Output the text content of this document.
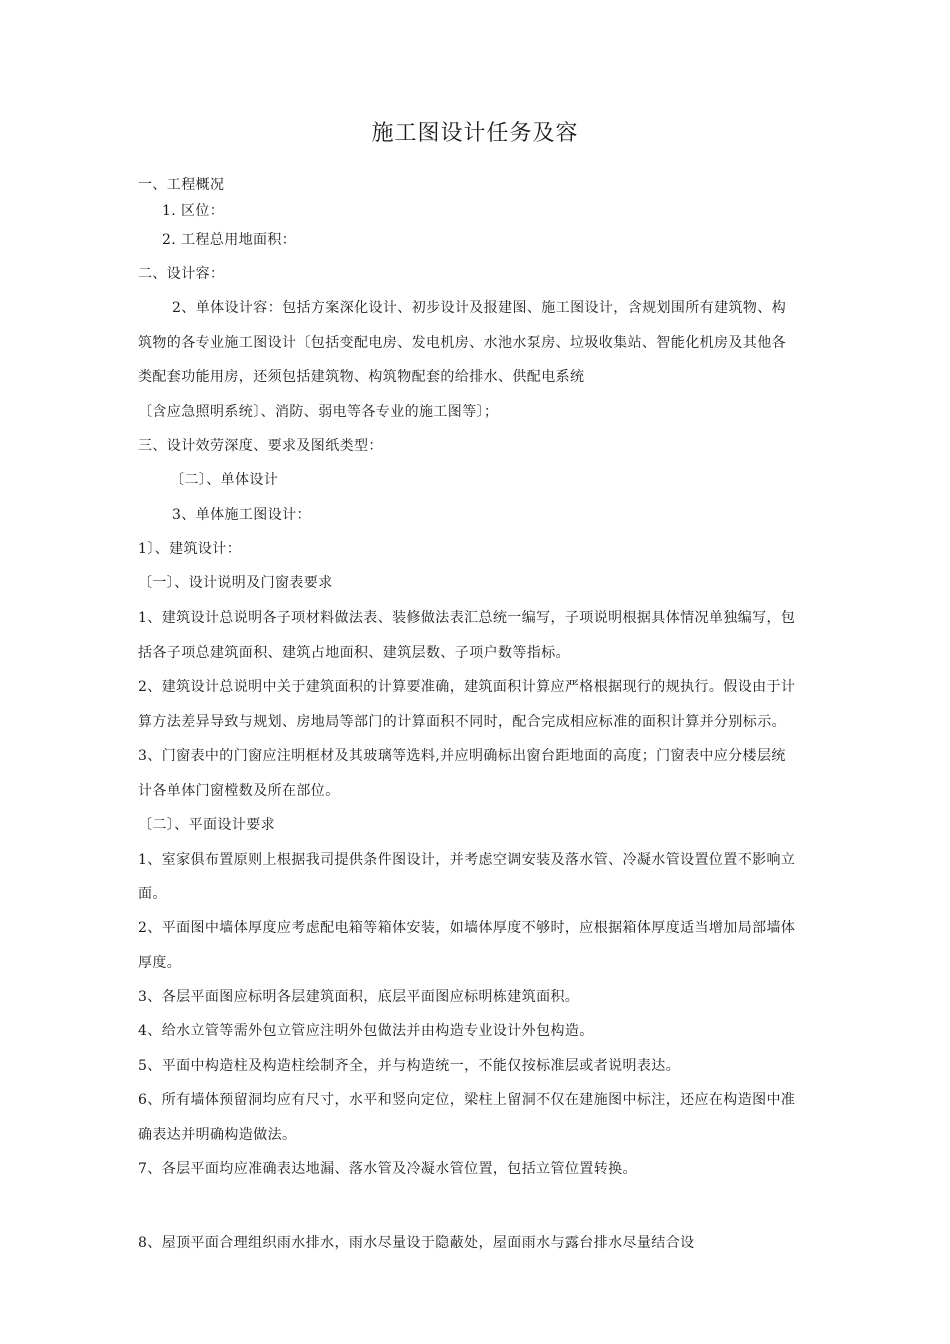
施工图设计任务及容
一、工程概况
1. 区位：
2. 工程总用地面积：
二、设计容：
2、单体设计容：包括方案深化设计、初步设计及报建图、施工图设计，含规划围所有建筑物、构
筑物的各专业施工图设计〔包括变配电房、发电机房、水池水泵房、垃圾收集站、智能化机房及其他各
类配套功能用房，还须包括建筑物、构筑物配套的给排水、供配电系统
〔含应急照明系统〕、消防、弱电等各专业的施工图等〕；
三、设计效劳深度、要求及图纸类型：
〔二〕、单体设计
3、单体施工图设计：
1〕、建筑设计：
〔一〕、设计说明及门窗表要求
1、建筑设计总说明各子项材料做法表、装修做法表汇总统一编写，子项说明根据具体情况单独编写，包
括各子项总建筑面积、建筑占地面积、建筑层数、子项户数等指标。
2、建筑设计总说明中关于建筑面积的计算要准确，建筑面积计算应严格根据现行的规执行。假设由于计
算方法差异导致与规划、房地局等部门的计算面积不同时，配合完成相应标准的面积计算并分别标示。
3、门窗表中的门窗应注明框材及其玻璃等选料,并应明确标出窗台距地面的高度；门窗表中应分楼层统
计各单体门窗樘数及所在部位。
〔二〕、平面设计要求
1、室家俱布置原则上根据我司提供条件图设计，并考虑空调安装及落水管、冷凝水管设置位置不影响立
面。
2、平面图中墙体厚度应考虑配电箱等箱体安装，如墙体厚度不够时，应根据箱体厚度适当增加局部墙体
厚度。
3、各层平面图应标明各层建筑面积，底层平面图应标明栋建筑面积。
4、给水立管等需外包立管应注明外包做法并由构造专业设计外包构造。
5、平面中构造柱及构造柱绘制齐全，并与构造统一，不能仅按标准层或者说明表达。
6、所有墙体预留洞均应有尺寸，水平和竖向定位，梁柱上留洞不仅在建施图中标注，还应在构造图中准
确表达并明确构造做法。
7、各层平面均应准确表达地漏、落水管及冷凝水管位置，包括立管位置转换。
8、屋顶平面合理组织雨水排水，雨水尽量设于隐蔽处，屋面雨水与露台排水尽量结合设
